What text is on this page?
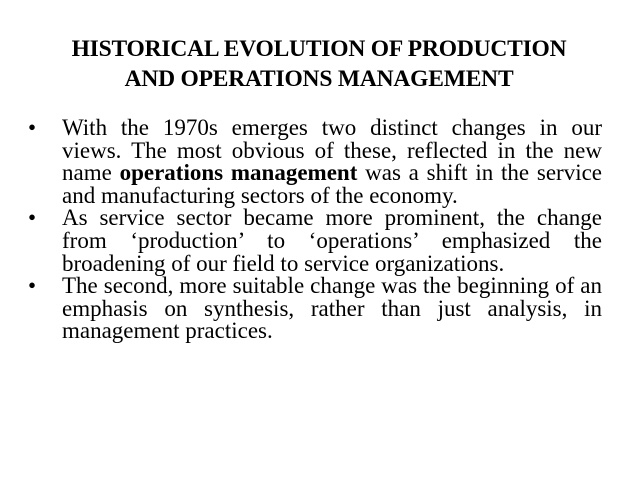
HISTORICAL EVOLUTION OF PRODUCTION
AND OPERATIONS MANAGEMENT
•	With the 1970s emerges two distinct changes in our views. The most obvious of these, reflected in the new name operations management was a shift in the service and manufacturing sectors of the economy.
•	As service sector became more prominent, the change from ‘production’ to ‘operations’ emphasized the broadening of our field to service organizations.
•	The second, more suitable change was the beginning of an emphasis on synthesis, rather than just analysis, in management practices.
